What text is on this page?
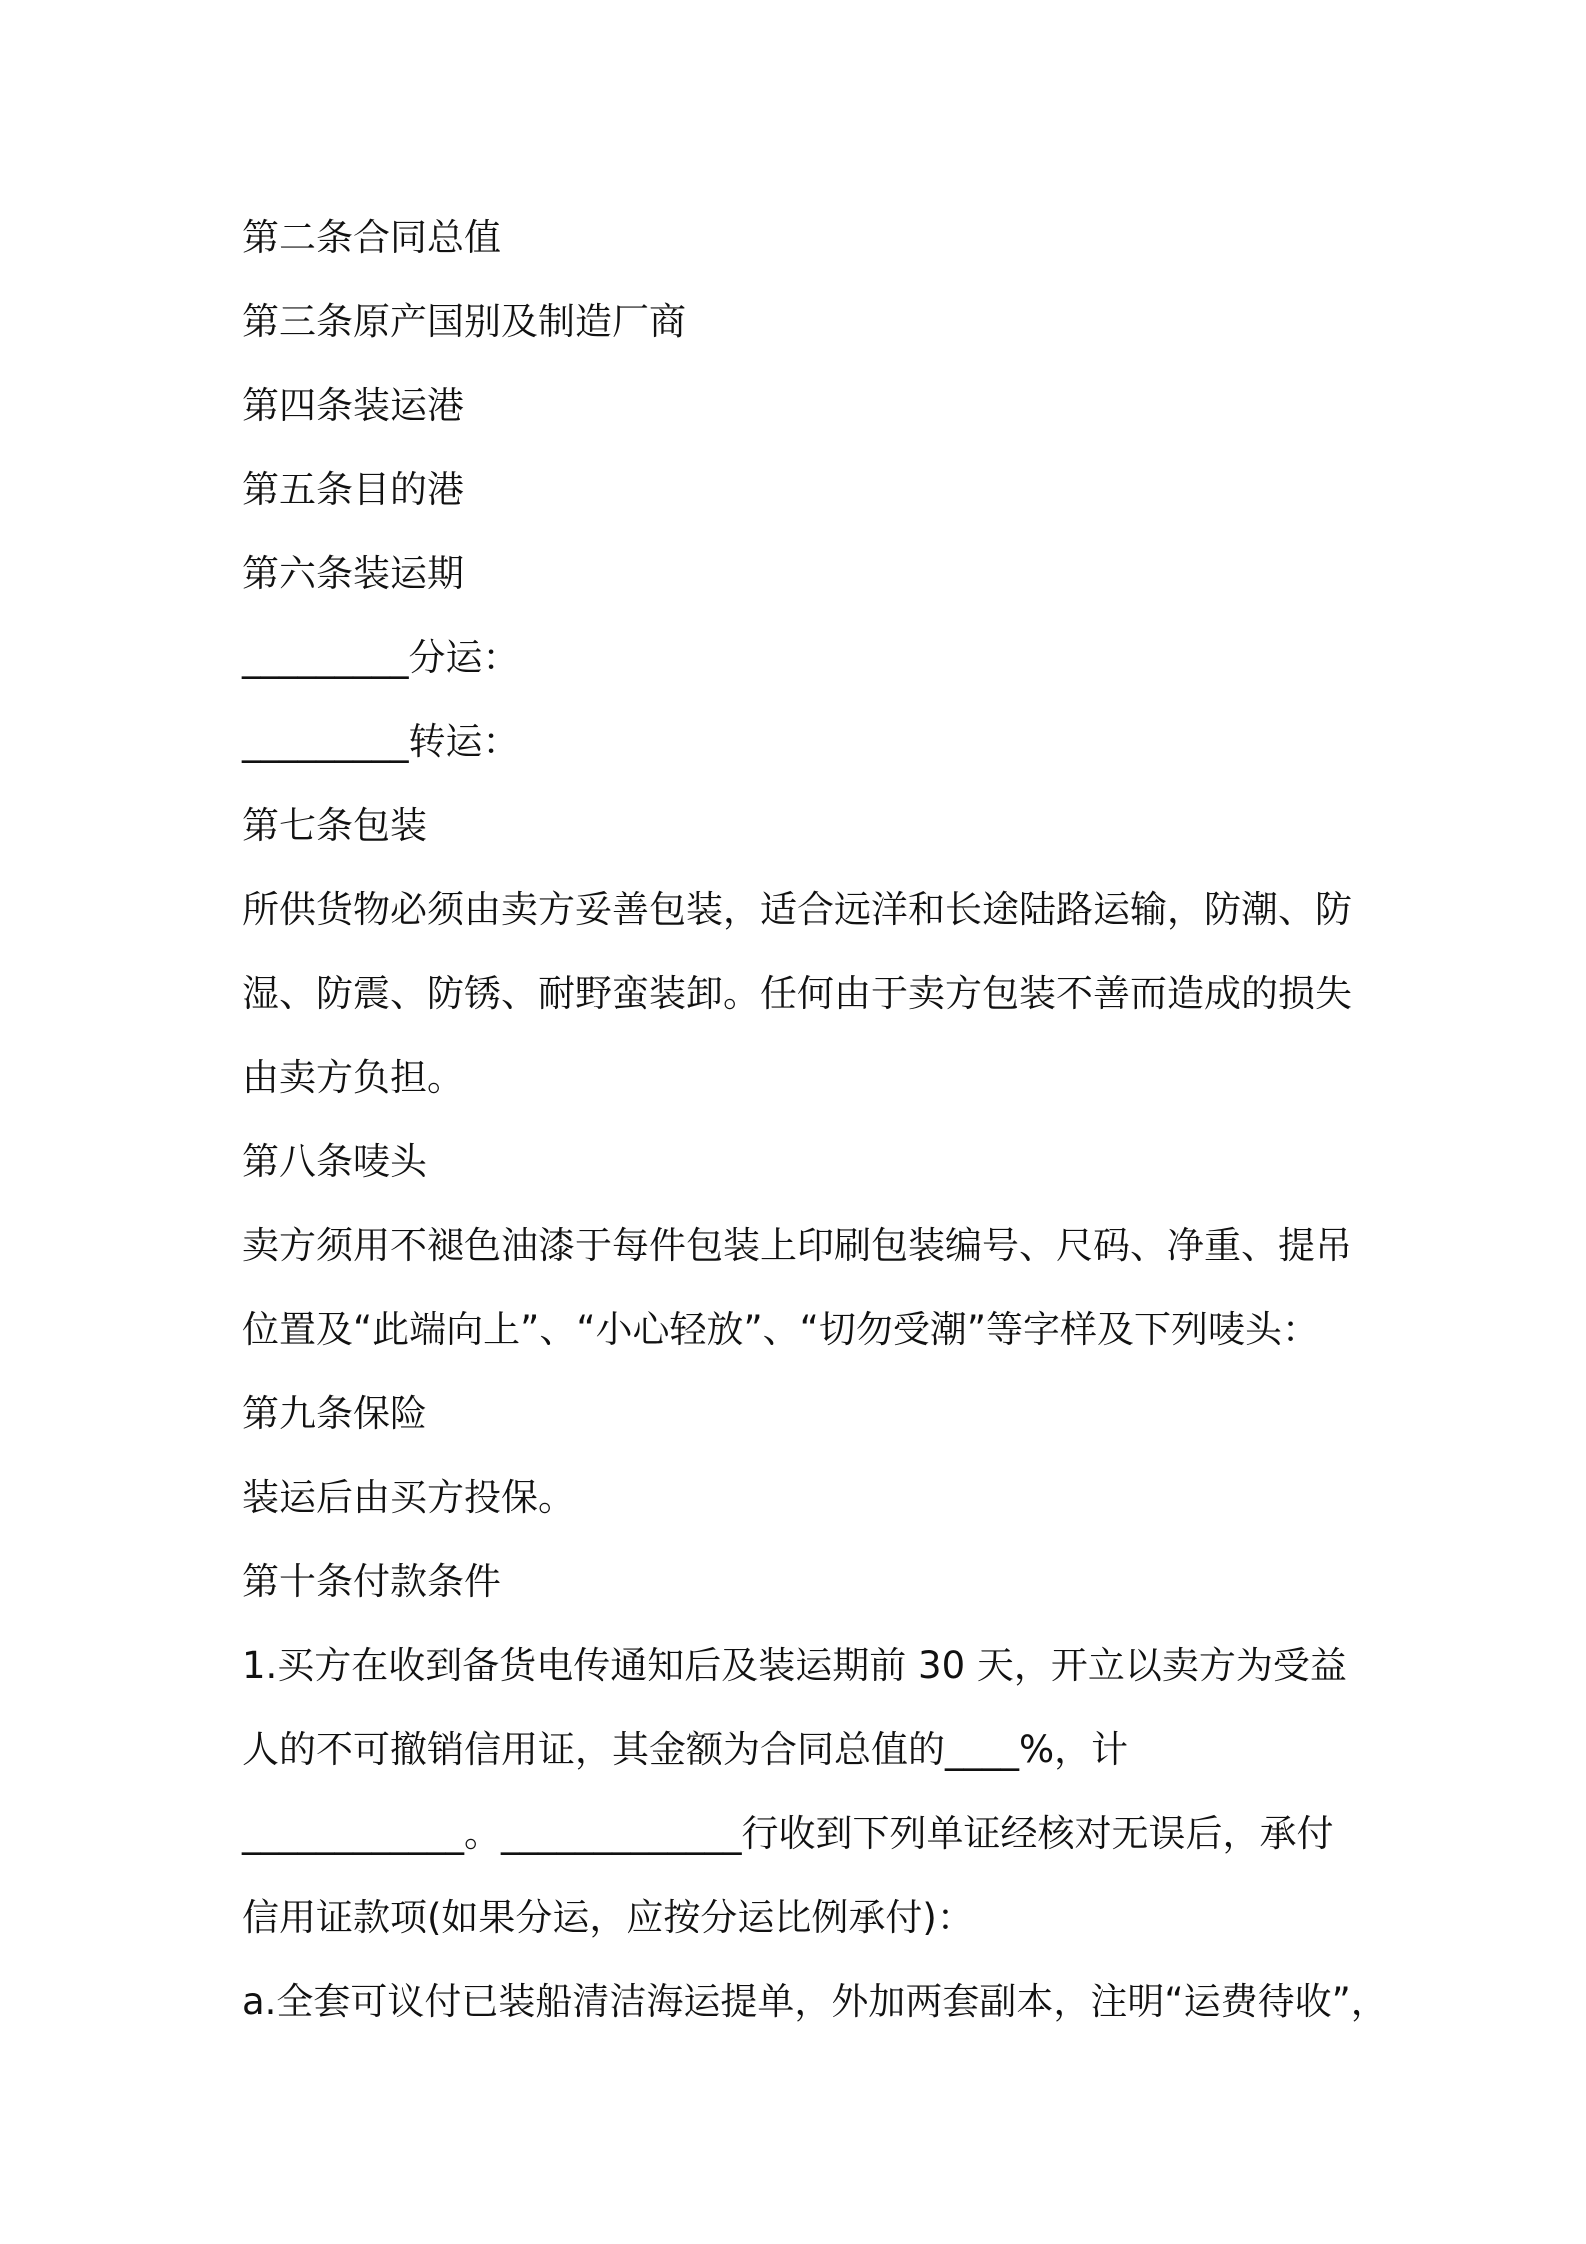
第二条合同总值

第三条原产国别及制造厂商

第四条装运港

第五条目的港

第六条装运期

_________分运：

_________转运：

第七条包装

所供货物必须由卖方妥善包装，适合远洋和长途陆路运输，防潮、防

湿、防震、防锈、耐野蛮装卸。任何由于卖方包装不善而造成的损失

由卖方负担。

第八条唛头

卖方须用不褪色油漆于每件包装上印刷包装编号、尺码、净重、提吊

位置及“此端向上”、“小心轻放”、“切勿受潮”等字样及下列唛头：

第九条保险

装运后由买方投保。

第十条付款条件

1.买方在收到备货电传通知后及装运期前 30 天，开立以卖方为受益

人的不可撤销信用证，其金额为合同总值的____%，计

____________。_____________行收到下列单证经核对无误后，承付

信用证款项(如果分运，应按分运比例承付)：

a.全套可议付已装船清洁海运提单，外加两套副本，注明“运费待收”，
